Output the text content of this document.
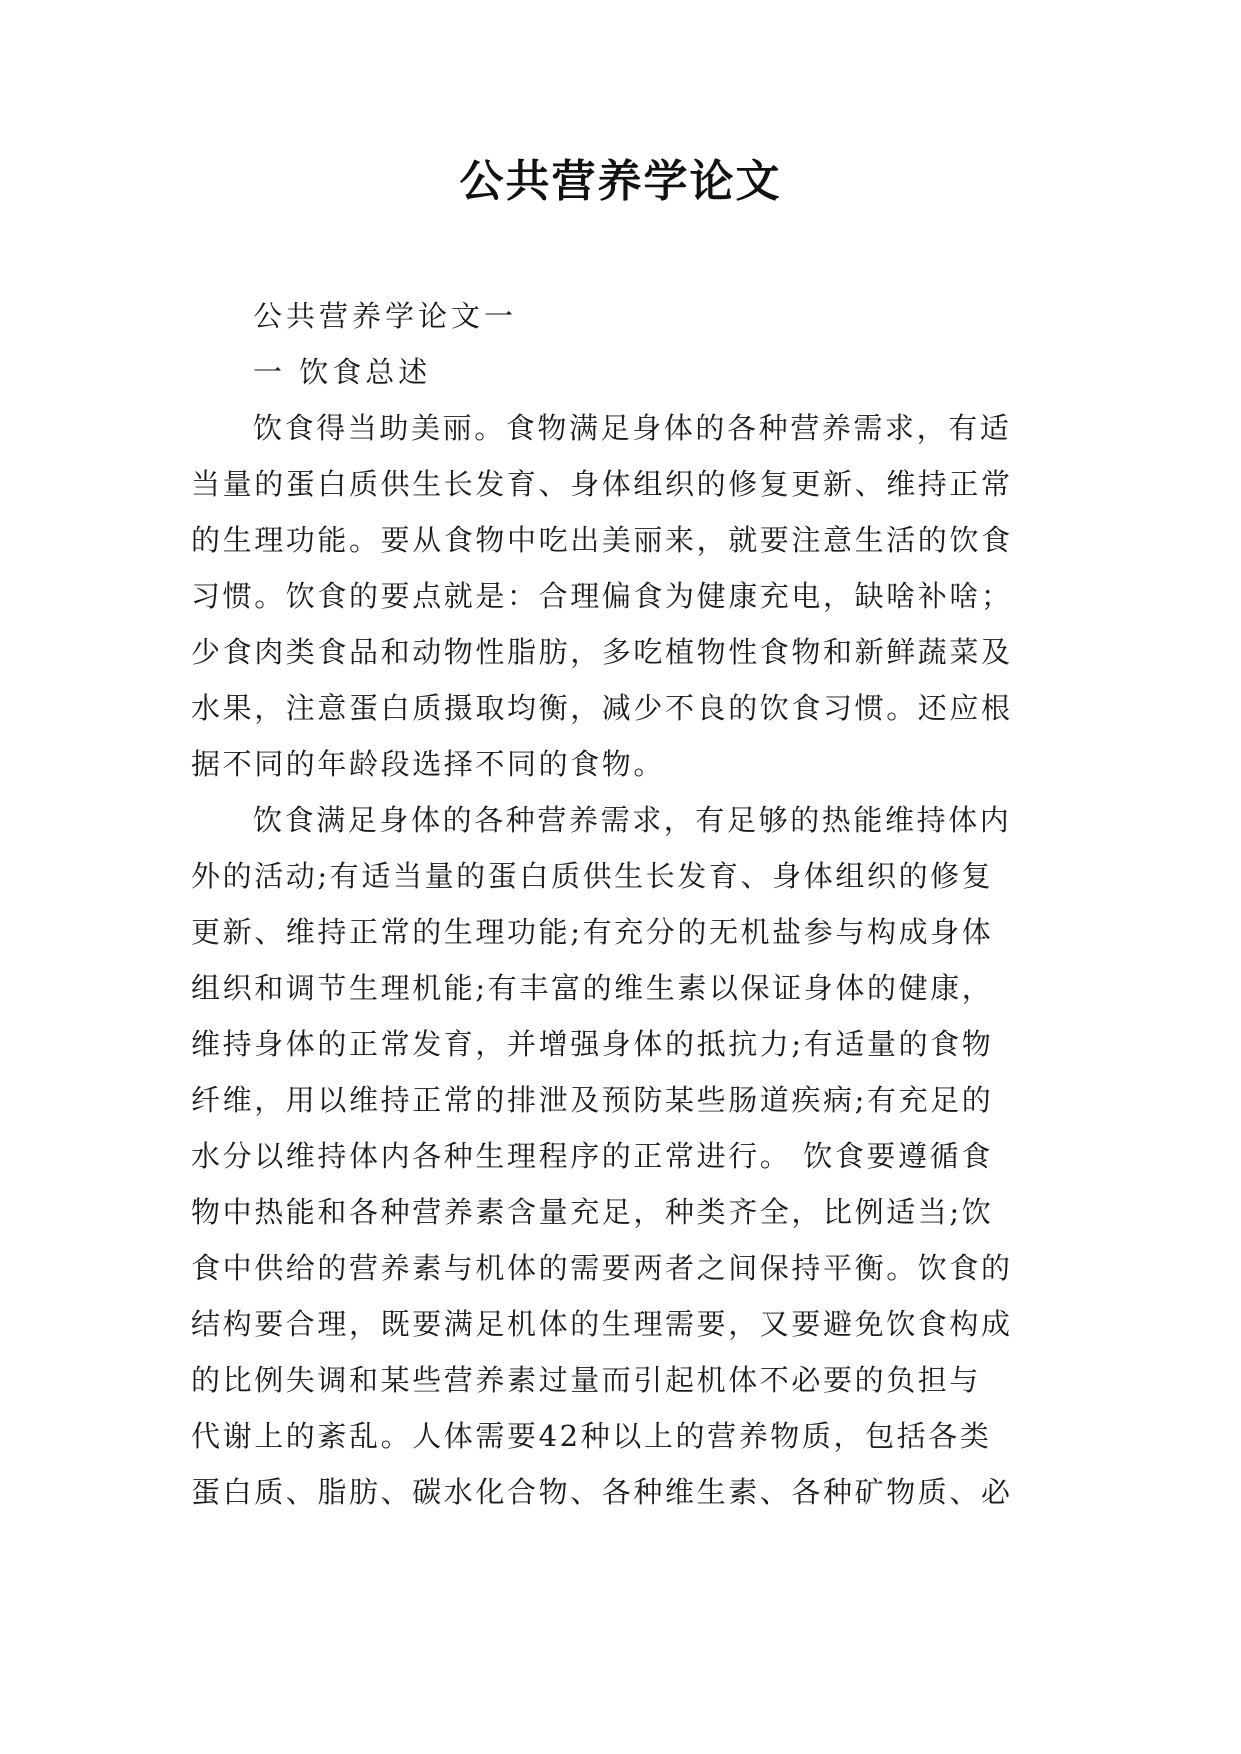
公共营养学论文
公共营养学论文一
一 饮食总述
饮食得当助美丽。食物满足身体的各种营养需求，有适
当量的蛋白质供生长发育、身体组织的修复更新、维持正常
的生理功能。要从食物中吃出美丽来，就要注意生活的饮食
习惯。饮食的要点就是：合理偏食为健康充电，缺啥补啥；
少食肉类食品和动物性脂肪，多吃植物性食物和新鲜蔬菜及
水果，注意蛋白质摄取均衡，减少不良的饮食习惯。还应根
据不同的年龄段选择不同的食物。
饮食满足身体的各种营养需求，有足够的热能维持体内
外的活动;有适当量的蛋白质供生长发育、身体组织的修复
更新、维持正常的生理功能;有充分的无机盐参与构成身体
组织和调节生理机能;有丰富的维生素以保证身体的健康，
维持身体的正常发育，并增强身体的抵抗力;有适量的食物
纤维，用以维持正常的排泄及预防某些肠道疾病;有充足的
水分以维持体内各种生理程序的正常进行。 饮食要遵循食
物中热能和各种营养素含量充足，种类齐全，比例适当;饮
食中供给的营养素与机体的需要两者之间保持平衡。饮食的
结构要合理，既要满足机体的生理需要，又要避免饮食构成
的比例失调和某些营养素过量而引起机体不必要的负担与
代谢上的紊乱。人体需要42种以上的营养物质，包括各类
蛋白质、脂肪、碳水化合物、各种维生素、各种矿物质、必
